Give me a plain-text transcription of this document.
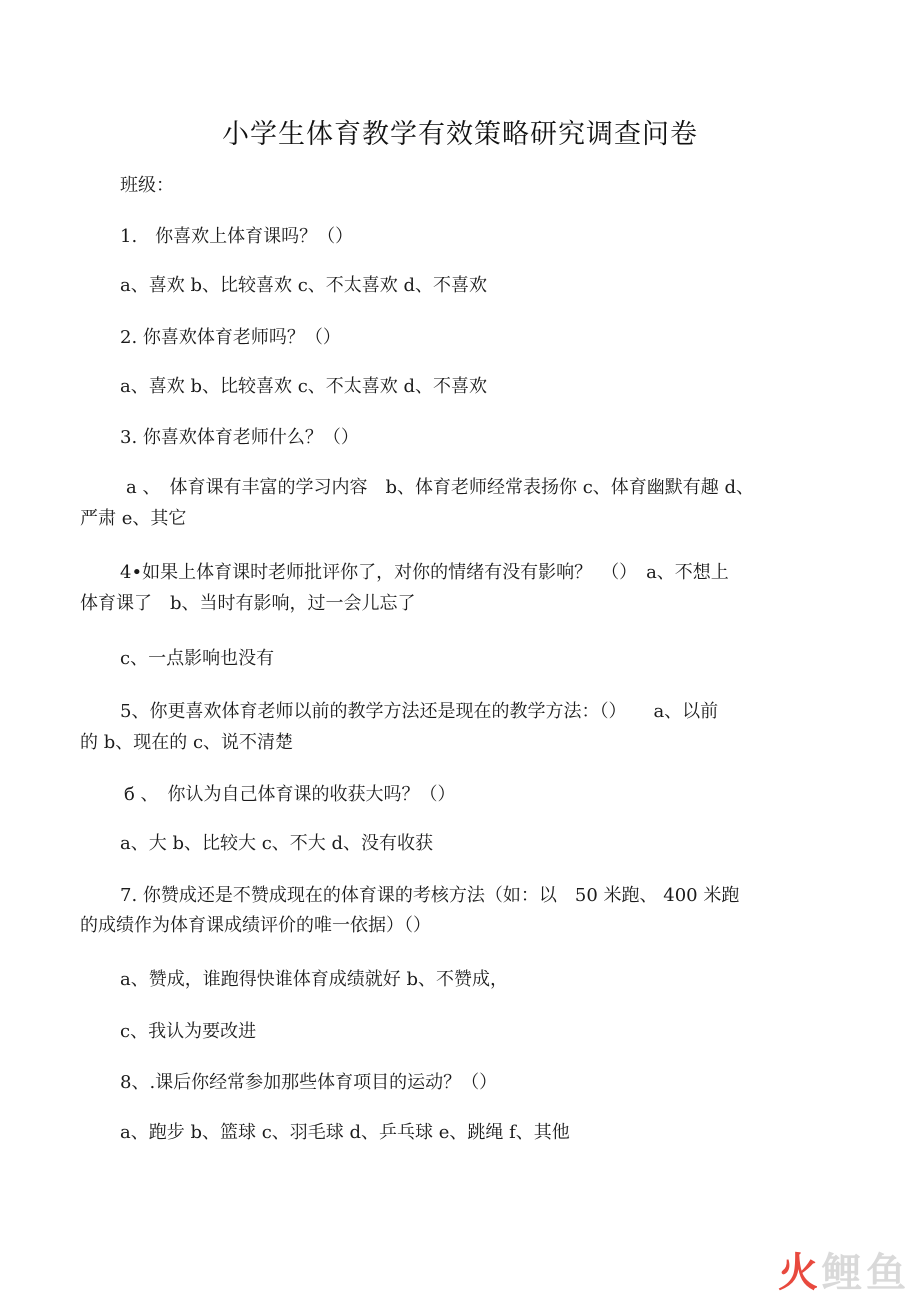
小学生体育教学有效策略研究调查问卷
班级：
1.　你喜欢上体育课吗？（）
a、喜欢 b、比较喜欢 c、不太喜欢 d、不喜欢
2. 你喜欢体育老师吗？（）
a、喜欢 b、比较喜欢 c、不太喜欢 d、不喜欢
3. 你喜欢体育老师什么？（）
a 、　体育课有丰富的学习内容　b、体育老师经常表扬你 c、体育幽默有趣 d、
严肃 e、其它
4•如果上体育课时老师批评你了，对你的情绪有没有影响？　（）　a、不想上
体育课了　b、当时有影响，过一会儿忘了
c、一点影响也没有
5、你更喜欢体育老师以前的教学方法还是现在的教学方法：（）　　a、以前
的 b、现在的 c、说不清楚
б 、　你认为自己体育课的收获大吗？（）
a、大 b、比较大 c、不大 d、没有收获
7. 你赞成还是不赞成现在的体育课的考核方法（如：以　50 米跑、 400 米跑
的成绩作为体育课成绩评价的唯一依据）（）
a、赞成，谁跑得快谁体育成绩就好 b、不赞成，
c、我认为要改进
8、.课后你经常参加那些体育项目的运动？（）
a、跑步 b、篮球 c、羽毛球 d、乒乓球 e、跳绳 f、其他
火鲤鱼
